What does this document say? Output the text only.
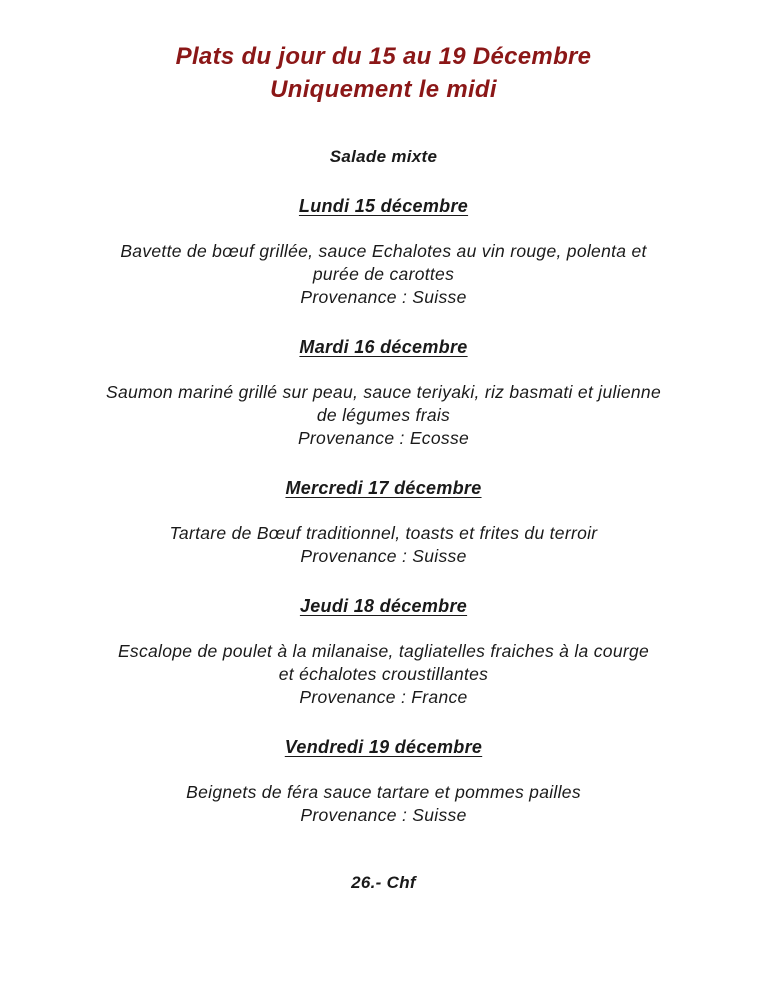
Plats du jour du 15 au 19 Décembre
Uniquement le midi
Salade mixte
Lundi 15 décembre
Bavette de bœuf grillée, sauce Echalotes au vin rouge, polenta et
purée de carottes
Provenance : Suisse
Mardi 16 décembre
Saumon mariné grillé sur peau, sauce teriyaki, riz basmati et julienne
de légumes frais
Provenance : Ecosse
Mercredi 17 décembre
Tartare de Bœuf traditionnel, toasts et frites du terroir
Provenance : Suisse
Jeudi 18 décembre
Escalope de poulet à la milanaise, tagliatelles fraiches à la courge
et échalotes croustillantes
Provenance : France
Vendredi 19 décembre
Beignets de féra sauce tartare et pommes pailles
Provenance : Suisse
26.- Chf
